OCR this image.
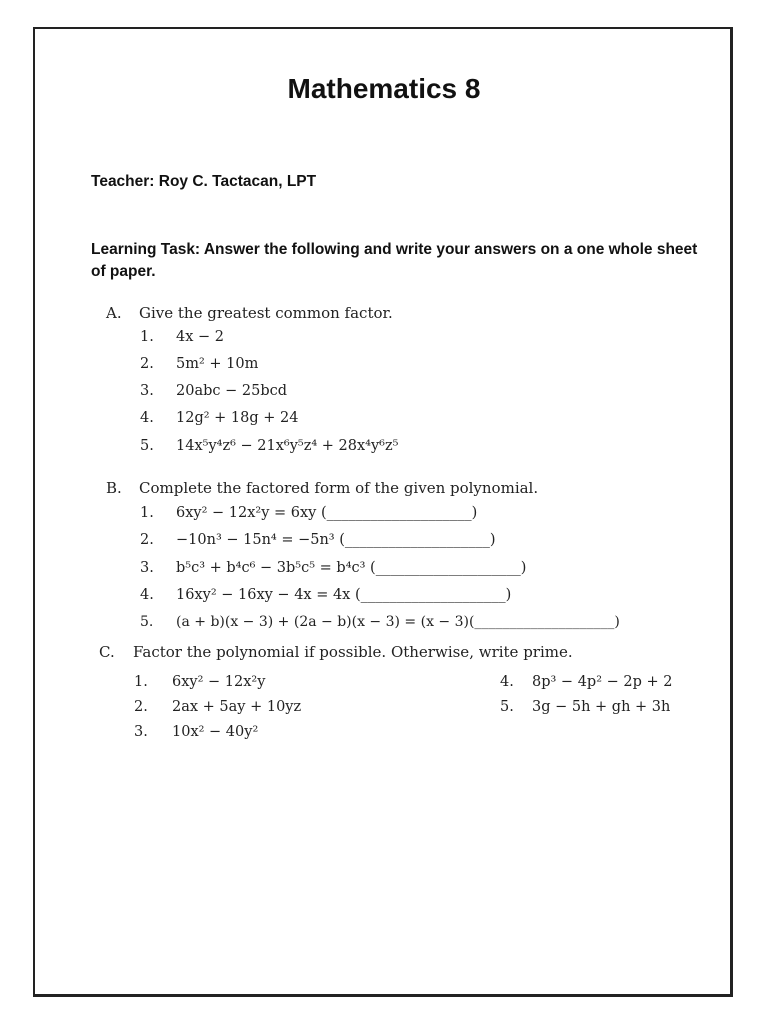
Mathematics 8
Teacher: Roy C. Tactacan, LPT
Learning Task: Answer the following and write your answers on a one whole sheet of paper.
A. Give the greatest common factor.
1. 4x − 2
2. 5m² + 10m
3. 20abc − 25bcd
4. 12g² + 18g + 24
5. 14x⁵y⁴z⁶ − 21x⁶y⁵z⁴ + 28x⁴y⁶z⁵
B. Complete the factored form of the given polynomial.
1. 6xy² − 12x²y = 6xy (____________________)
2. −10n³ − 15n⁴ = −5n³ (____________________)
3. b⁵c³ + b⁴c⁶ − 3b⁵c⁵ = b⁴c³ (____________________)
4. 16xy² − 16xy − 4x = 4x (____________________)
5. (a + b)(x − 3) + (2a − b)(x − 3) = (x − 3)(____________________)
C. Factor the polynomial if possible. Otherwise, write prime.
1. 6xy² − 12x²y
2. 2ax + 5ay + 10yz
3. 10x² − 40y²
4. 8p³ − 4p² − 2p + 2
5. 3g − 5h + gh + 3h
